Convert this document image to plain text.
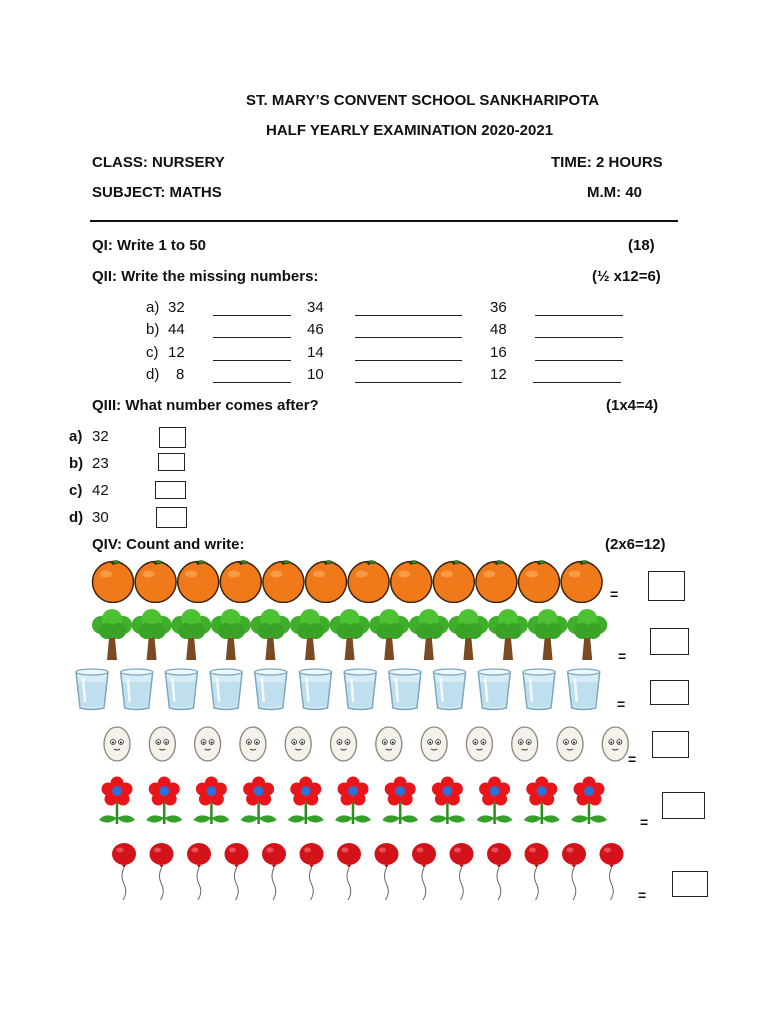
ST. MARY’S CONVENT SCHOOL SANKHARIPOTA
HALF YEARLY EXAMINATION 2020-2021
CLASS: NURSERY	TIME: 2 HOURS
SUBJECT: MATHS	M.M: 40
QI: Write 1 to 50	(18)
QII: Write the missing numbers:	(½ x12=6)
a) 32	34	36
b) 44	46	48
c) 12	14	16
d) 8	10	12
QIII: What number comes after?	(1x4=4)
a) 32
b) 23
c) 42
d) 30
QIV: Count and write:	(2x6=12)
=
=
=
=
=
=
